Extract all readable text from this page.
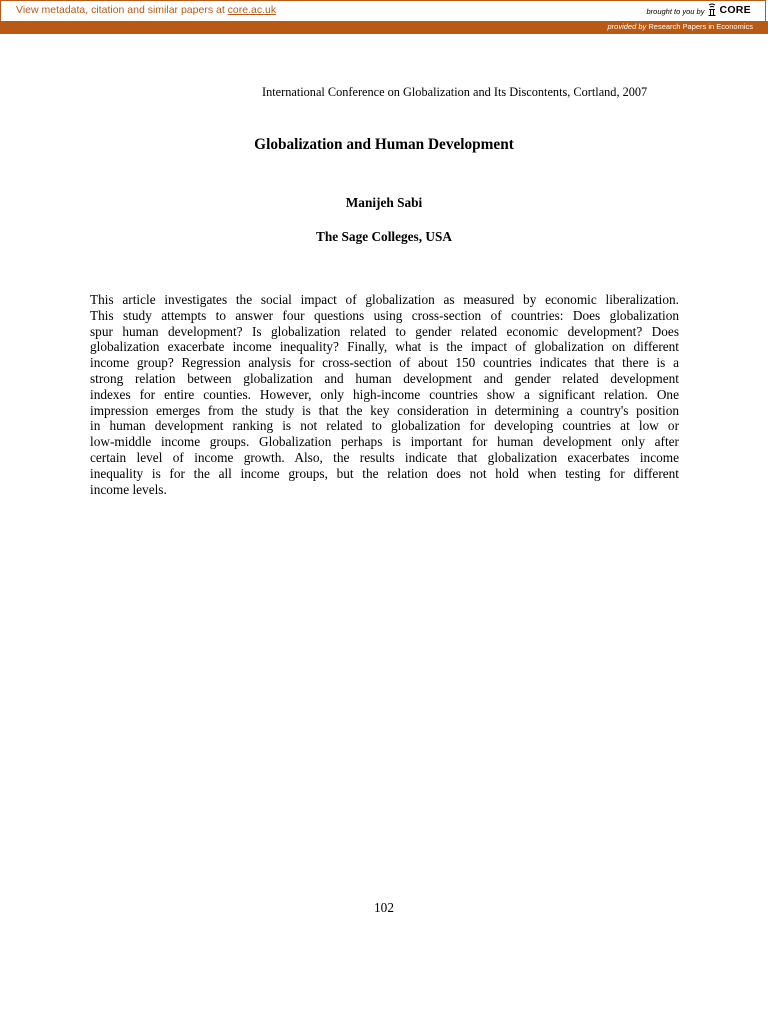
View metadata, citation and similar papers at core.ac.uk	brought to you by CORE
provided by Research Papers in Economics
International Conference on Globalization and Its Discontents, Cortland, 2007
Globalization and Human Development
Manijeh Sabi
The Sage Colleges, USA
This article investigates the social impact of globalization as measured by economic liberalization.
This study attempts to answer four questions using cross-section of countries: Does globalization
spur human development? Is globalization related to gender related economic development? Does
globalization exacerbate income inequality? Finally, what is the impact of globalization on different
income group? Regression analysis for cross-section of about 150 countries indicates that there is a
strong relation between globalization and human development and gender related development
indexes for entire counties. However, only high-income countries show a significant relation. One
impression emerges from the study is that the key consideration in determining a country's position
in human development ranking is not related to globalization for developing countries at low or
low-middle income groups. Globalization perhaps is important for human development only after
certain level of income growth. Also, the results indicate that globalization exacerbates income
inequality is for the all income groups, but the relation does not hold when testing for different
income levels.
102
